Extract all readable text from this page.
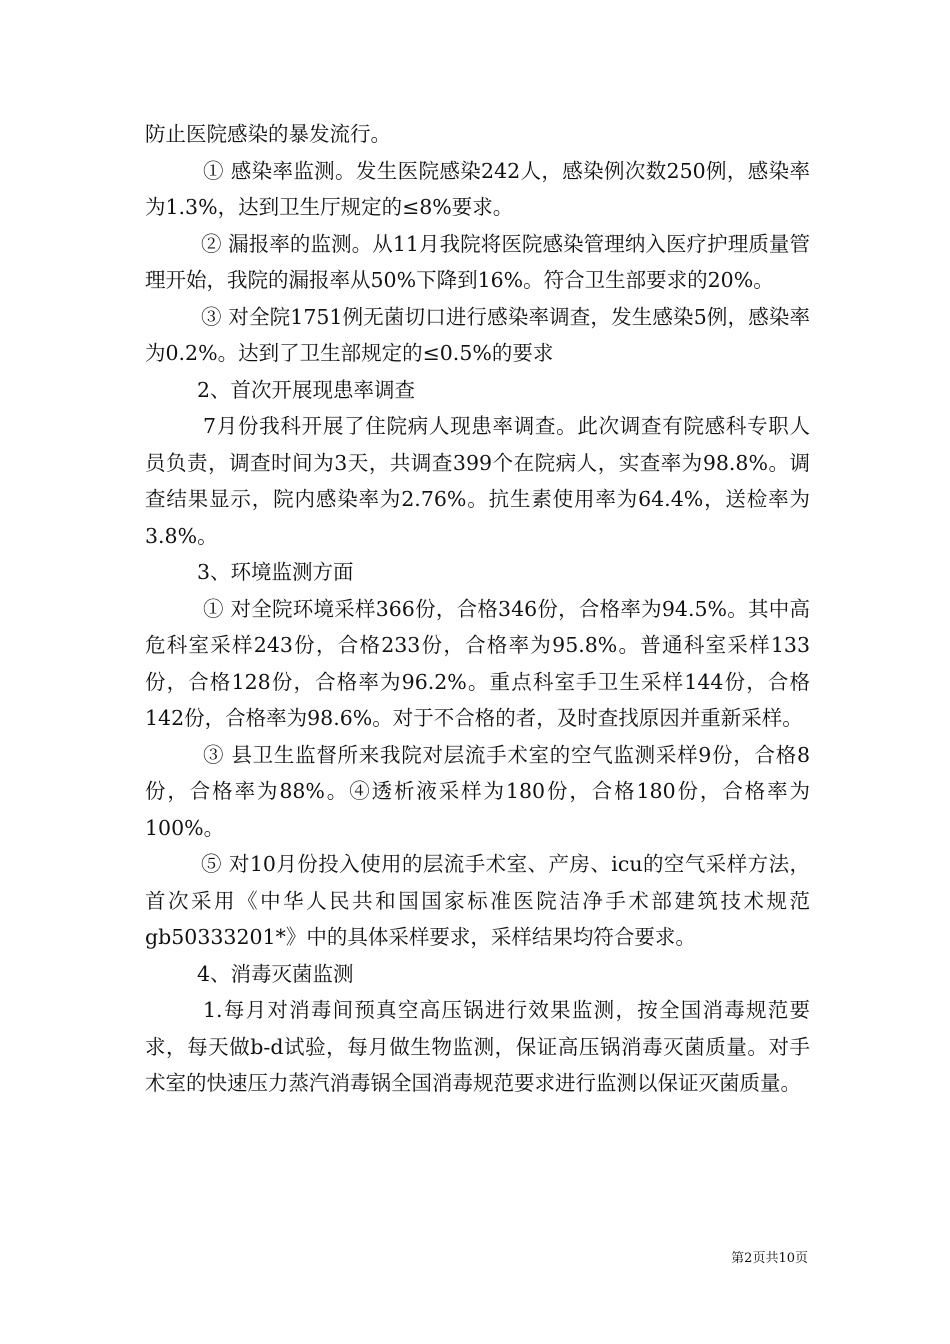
防止医院感染的暴发流行。

① 感染率监测。发生医院感染242人，感染例次数250例，感染率为1.3%，达到卫生厅规定的≤8%要求。

② 漏报率的监测。从11月我院将医院感染管理纳入医疗护理质量管理开始，我院的漏报率从50%下降到16%。符合卫生部要求的20%。

③ 对全院1751例无菌切口进行感染率调查，发生感染5例，感染率为0.2%。达到了卫生部规定的≤0.5%的要求

2、首次开展现患率调查

7月份我科开展了住院病人现患率调查。此次调查有院感科专职人员负责，调查时间为3天，共调查399个在院病人，实查率为98.8%。调查结果显示，院内感染率为2.76%。抗生素使用率为64.4%，送检率为3.8%。

3、环境监测方面

① 对全院环境采样366份，合格346份，合格率为94.5%。其中高危科室采样243份，合格233份，合格率为95.8%。普通科室采样133份，合格128份，合格率为96.2%。重点科室手卫生采样144份，合格142份，合格率为98.6%。对于不合格的者，及时查找原因并重新采样。

③ 县卫生监督所来我院对层流手术室的空气监测采样9份，合格8份，合格率为88%。④透析液采样为180份，合格180份，合格率为100%。

⑤ 对10月份投入使用的层流手术室、产房、icu的空气采样方法，首次采用《中华人民共和国国家标准医院洁净手术部建筑技术规范gb50333201*》中的具体采样要求，采样结果均符合要求。

4、消毒灭菌监测

1.每月对消毒间预真空高压锅进行效果监测，按全国消毒规范要求，每天做b-d试验，每月做生物监测，保证高压锅消毒灭菌质量。对手术室的快速压力蒸汽消毒锅全国消毒规范要求进行监测以保证灭菌质量。

第2页共10页
